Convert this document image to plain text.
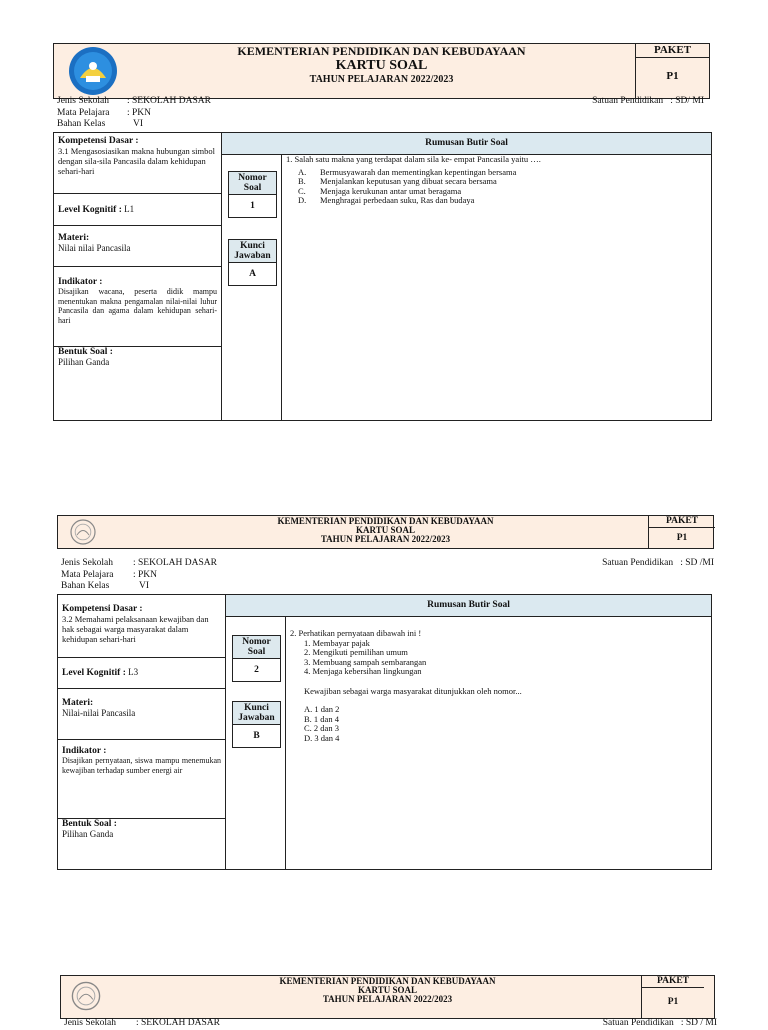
KEMENTERIAN PENDIDIKAN DAN KEBUDAYAAN
KARTU SOAL
TAHUN PELAJARAN 2022/2023
PAKET
P1
Jenis Sekolah : SEKOLAH DASAR
Mata Pelajara : PKN
Bahan Kelas	VI
Satuan Pendidikan : SD/ MI
Kompetensi Dasar :
3.1 Mengasosiasikan makna hubungan simbol dengan sila-sila Pancasila dalam kehidupan sehari-hari
Level Kognitif : L1
Materi:
Nilai nilai Pancasila
Indikator :
Disajikan wacana, peserta didik mampu menentukan makna pengamalan nilai-nilai luhur Pancasila dan agama dalam kehidupan sehari-hari
Bentuk Soal :
Pilihan Ganda
Rumusan Butir Soal
Nomor Soal
1
Kunci Jawaban
A
1. Salah satu makna yang terdapat dalam sila ke- empat Pancasila yaitu ….
A.	Bermusyawarah dan mementingkan kepentingan bersama
B.	Menjalankan keputusan yang dibuat secara bersama
C.	Menjaga kerukunan antar umat beragama
D.	Menghragai perbedaan suku, Ras dan budaya
KEMENTERIAN PENDIDIKAN DAN KEBUDAYAAN
KARTU SOAL
TAHUN PELAJARAN 2022/2023
PAKET
P1
Jenis Sekolah : SEKOLAH DASAR
Mata Pelajara : PKN
Bahan Kelas	VI
Satuan Pendidikan : SD /MI
Kompetensi Dasar :
3.2 Memahami pelaksanaan kewajiban dan hak sebagai warga masyarakat dalam kehidupan sehari-hari
Level Kognitif : L3
Materi:
Nilai-nilai Pancasila
Indikator :
Disajikan pernyataan, siswa mampu menemukan kewajiban terhadap sumber energi air
Bentuk Soal :
Pilihan Ganda
Rumusan Butir Soal
Nomor Soal
2
Kunci Jawaban
B
2. Perhatikan pernyataan dibawah ini !
1. Membayar pajak
2. Mengikuti pemilihan umum
3. Membuang sampah sembarangan
4. Menjaga kebersihan lingkungan
Kewajiban sebagai warga masyarakat ditunjukkan oleh nomor...
A. 1 dan 2
B. 1 dan 4
C. 2 dan 3
D. 3 dan 4
KEMENTERIAN PENDIDIKAN DAN KEBUDAYAAN
KARTU SOAL
TAHUN PELAJARAN 2022/2023
PAKET
P1
Jenis Sekolah : SEKOLAH DASAR	Satuan Pendidikan : SD / MI
